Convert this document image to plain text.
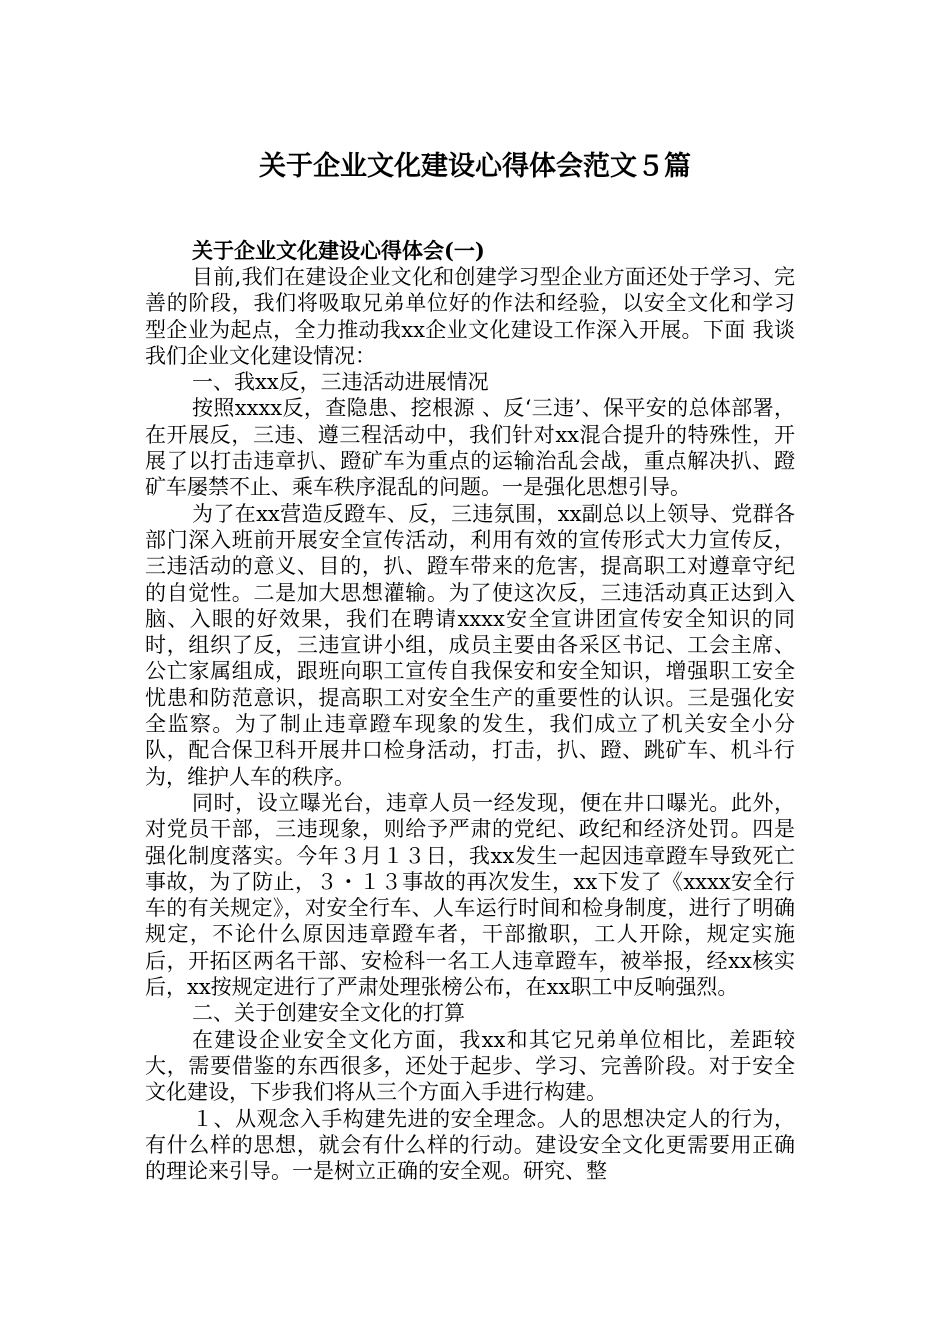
关于企业文化建设心得体会范文５篇
关于企业文化建设心得体会(一)

目前,我们在建设企业文化和创建学习型企业方面还处于学习、完善的阶段，我们将吸取兄弟单位好的作法和经验，以安全文化和学习型企业为起点，全力推动我xx企业文化建设工作深入开展。下面 我谈我们企业文化建设情况：

一、我xx反，三违活动进展情况

按照xxxx反，查隐患、挖根源 、反‘三违’、保平安的总体部署，在开展反，三违、遵三程活动中，我们针对xx混合提升的特殊性，开展了以打击违章扒、蹬矿车为重点的运输治乱会战，重点解决扒、蹬矿车屡禁不止、乘车秩序混乱的问题。一是强化思想引导。

为了在xx营造反蹬车、反，三违氛围，xx副总以上领导、党群各部门深入班前开展安全宣传活动，利用有效的宣传形式大力宣传反，三违活动的意义、目的，扒、蹬车带来的危害，提高职工对遵章守纪的自觉性。二是加大思想灌输。为了使这次反，三违活动真正达到入脑、入眼的好效果，我们在聘请xxxx安全宣讲团宣传安全知识的同时，组织了反，三违宣讲小组，成员主要由各采区书记、工会主席、公亡家属组成，跟班向职工宣传自我保安和安全知识，增强职工安全忧患和防范意识，提高职工对安全生产的重要性的认识。三是强化安全监察。为了制止违章蹬车现象的发生，我们成立了机关安全小分队，配合保卫科开展井口检身活动，打击，扒、蹬、跳矿车、机斗行为，维护人车的秩序。

同时，设立曝光台，违章人员一经发现，便在井口曝光。此外，对党员干部，三违现象，则给予严肃的党纪、政纪和经济处罚。四是强化制度落实。今年３月１３日，我xx发生一起因违章蹬车导致死亡事故，为了防止，３・１３事故的再次发生，xx下发了《xxxx安全行车的有关规定》，对安全行车、人车运行时间和检身制度，进行了明确规定，不论什么原因违章蹬车者，干部撤职，工人开除，规定实施后，开拓区两名干部、安检科一名工人违章蹬车，被举报，经xx核实后，xx按规定进行了严肃处理张榜公布，在xx职工中反响强烈。

二、关于创建安全文化的打算

在建设企业安全文化方面，我xx和其它兄弟单位相比，差距较大，需要借鉴的东西很多，还处于起步、学习、完善阶段。对于安全 文化建设，下步我们将从三个方面入手进行构建。

１、从观念入手构建先进的安全理念。人的思想决定人的行为，有什么样的思想，就会有什么样的行动。建设安全文化更需要用正确的理论来引导。一是树立正确的安全观。研究、整
